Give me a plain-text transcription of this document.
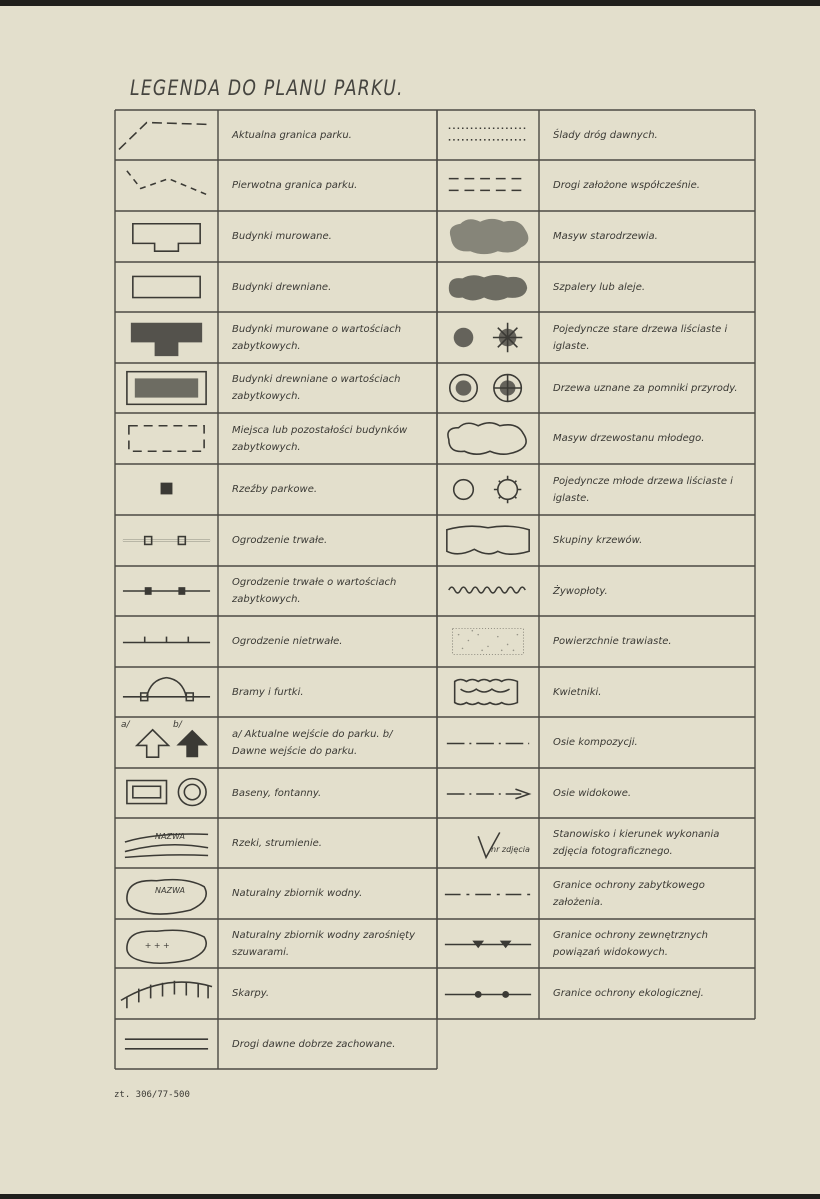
LEGENDA DO PLANU PARKU.
Aktualna granica parku.
Pierwotna granica parku.
Budynki murowane.
Budynki drewniane.
Budynki murowane o wartościach zabytkowych.
Budynki drewniane o wartościach zabytkowych.
Miejsca lub pozostałości budynków zabytkowych.
Rzeźby parkowe.
Ogrodzenie trwałe.
Ogrodzenie trwałe o wartościach zabytkowych.
Ogrodzenie nietrwałe.
Bramy i furtki.
a/	b/
a/ Aktualne wejście do parku. b/ Dawne wejście do parku.
Baseny, fontanny.
NAZWA
Rzeki, strumienie.
NAZWA	Naturalny zbiornik wodny.
+ + +
Naturalny zbiornik wodny zarośnięty szuwarami.
Skarpy.
Drogi dawne dobrze zachowane.
Ślady dróg dawnych.
Drogi założone współcześnie.
Masyw starodrzewia.
Szpalery lub aleje.
Pojedyncze stare drzewa liściaste i iglaste.
Drzewa uznane za pomniki przyrody.
Masyw drzewostanu młodego.
Pojedyncze młode drzewa liściaste i iglaste.
Skupiny krzewów.
Żywopłoty.
Powierzchnie trawiaste.
Kwietniki.
Osie kompozycji.
Osie widokowe.
nr zdjęcia
Stanowisko i kierunek wykonania zdjęcia fotograficznego.
Granice ochrony zabytkowego założenia.
Granice ochrony zewnętrznych powiązań widokowych.
Granice ochrony ekologicznej.
zt. 306/77-500
